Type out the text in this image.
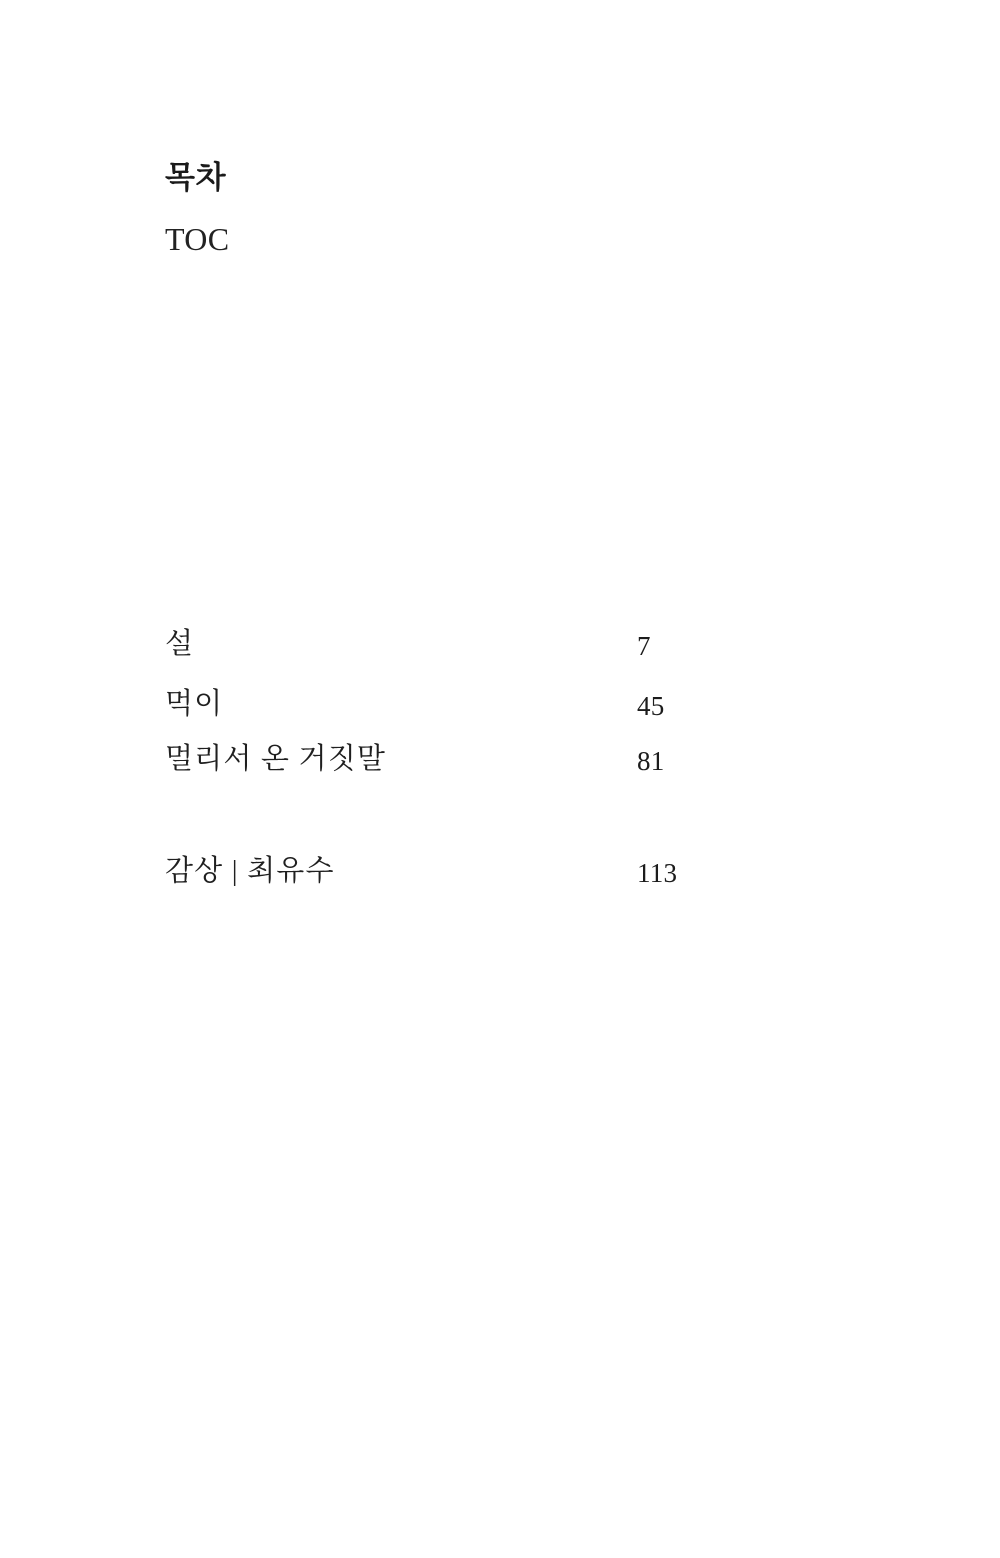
목차
TOC
설	7
먹이	45
멀리서 온 거짓말	81
감상 | 최유수	113
